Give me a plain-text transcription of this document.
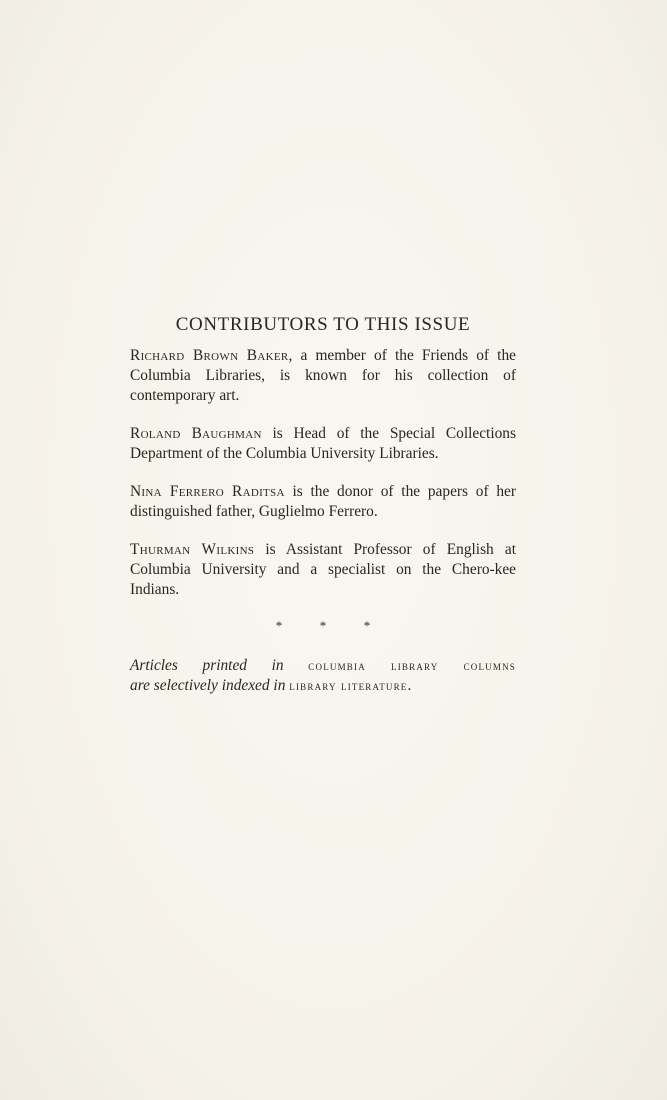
CONTRIBUTORS TO THIS ISSUE

Richard Brown Baker, a member of the Friends of the Columbia Libraries, is known for his collection of contemporary art.

Roland Baughman is Head of the Special Collections Department of the Columbia University Libraries.

Nina Ferrero Raditsa is the donor of the papers of her distinguished father, Guglielmo Ferrero.

Thurman Wilkins is Assistant Professor of English at Columbia University and a specialist on the Chero-kee Indians.

*	*	*
Articles printed in columbia library columns
are selectively indexed in library literature.
